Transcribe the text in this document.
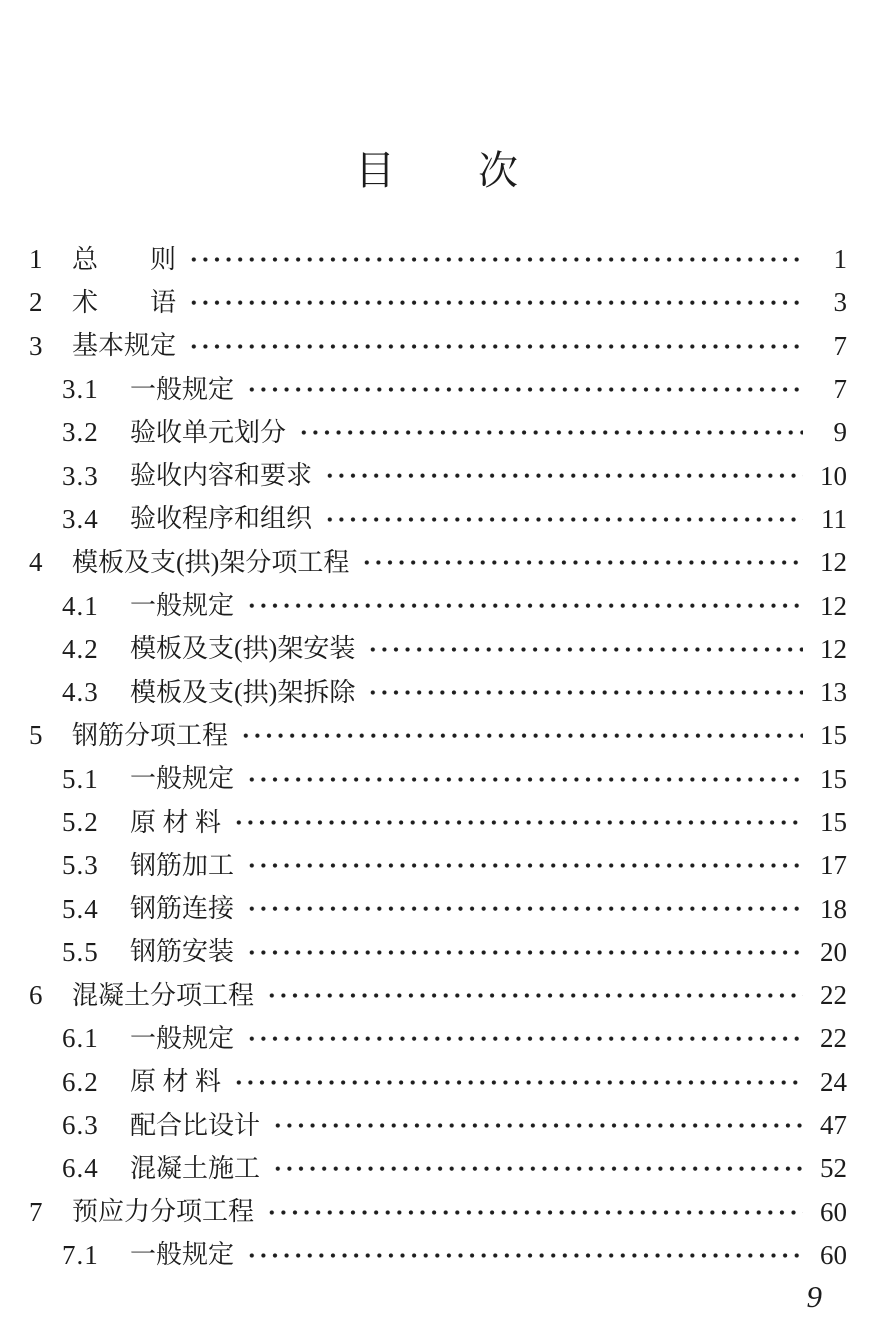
目　　次
1	总　　则	1
2	术　　语	3
3	基本规定	7
3.1	一般规定	7
3.2	验收单元划分	9
3.3	验收内容和要求	10
3.4	验收程序和组织	11
4	模板及支(拱)架分项工程	12
4.1	一般规定	12
4.2	模板及支(拱)架安装	12
4.3	模板及支(拱)架拆除	13
5	钢筋分项工程	15
5.1	一般规定	15
5.2	原 材 料	15
5.3	钢筋加工	17
5.4	钢筋连接	18
5.5	钢筋安装	20
6	混凝土分项工程	22
6.1	一般规定	22
6.2	原 材 料	24
6.3	配合比设计	47
6.4	混凝土施工	52
7	预应力分项工程	60
7.1	一般规定	60
9
